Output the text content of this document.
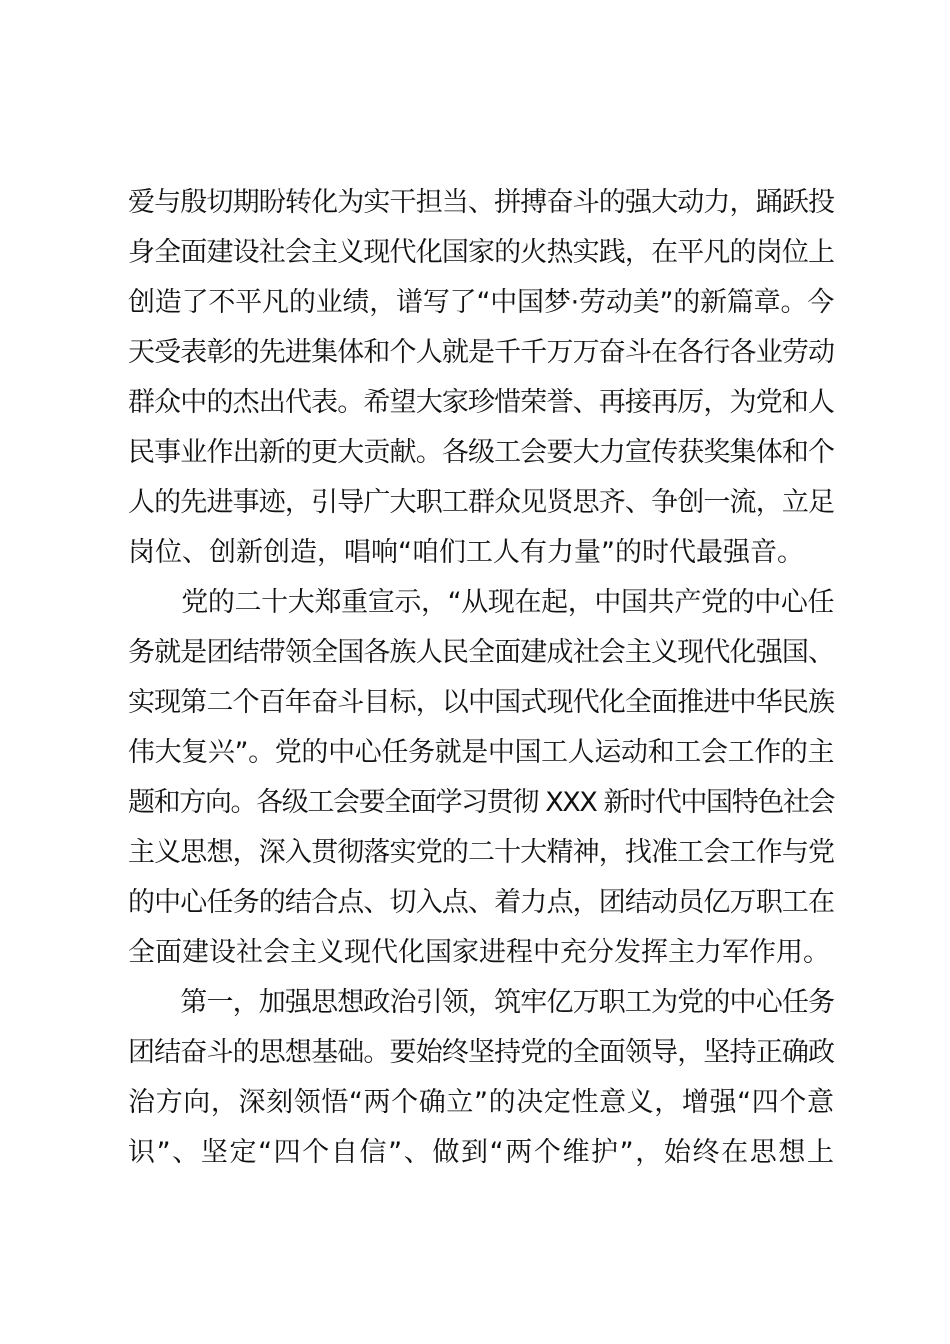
爱与殷切期盼转化为实干担当、拼搏奋斗的强大动力，踊跃投
身全面建设社会主义现代化国家的火热实践，在平凡的岗位上
创造了不平凡的业绩，谱写了“中国梦·劳动美”的新篇章。今
天受表彰的先进集体和个人就是千千万万奋斗在各行各业劳动
群众中的杰出代表。希望大家珍惜荣誉、再接再厉，为党和人
民事业作出新的更大贡献。各级工会要大力宣传获奖集体和个
人的先进事迹，引导广大职工群众见贤思齐、争创一流，立足
岗位、创新创造，唱响“咱们工人有力量”的时代最强音。
　　党的二十大郑重宣示，“从现在起，中国共产党的中心任
务就是团结带领全国各族人民全面建成社会主义现代化强国、
实现第二个百年奋斗目标，以中国式现代化全面推进中华民族
伟大复兴”。党的中心任务就是中国工人运动和工会工作的主
题和方向。各级工会要全面学习贯彻 XXX 新时代中国特色社会
主义思想，深入贯彻落实党的二十大精神，找准工会工作与党
的中心任务的结合点、切入点、着力点，团结动员亿万职工在
全面建设社会主义现代化国家进程中充分发挥主力军作用。
　　第一，加强思想政治引领，筑牢亿万职工为党的中心任务
团结奋斗的思想基础。要始终坚持党的全面领导，坚持正确政
治方向，深刻领悟“两个确立”的决定性意义，增强“四个意
识”、坚定“四个自信”、做到“两个维护”，始终在思想上
